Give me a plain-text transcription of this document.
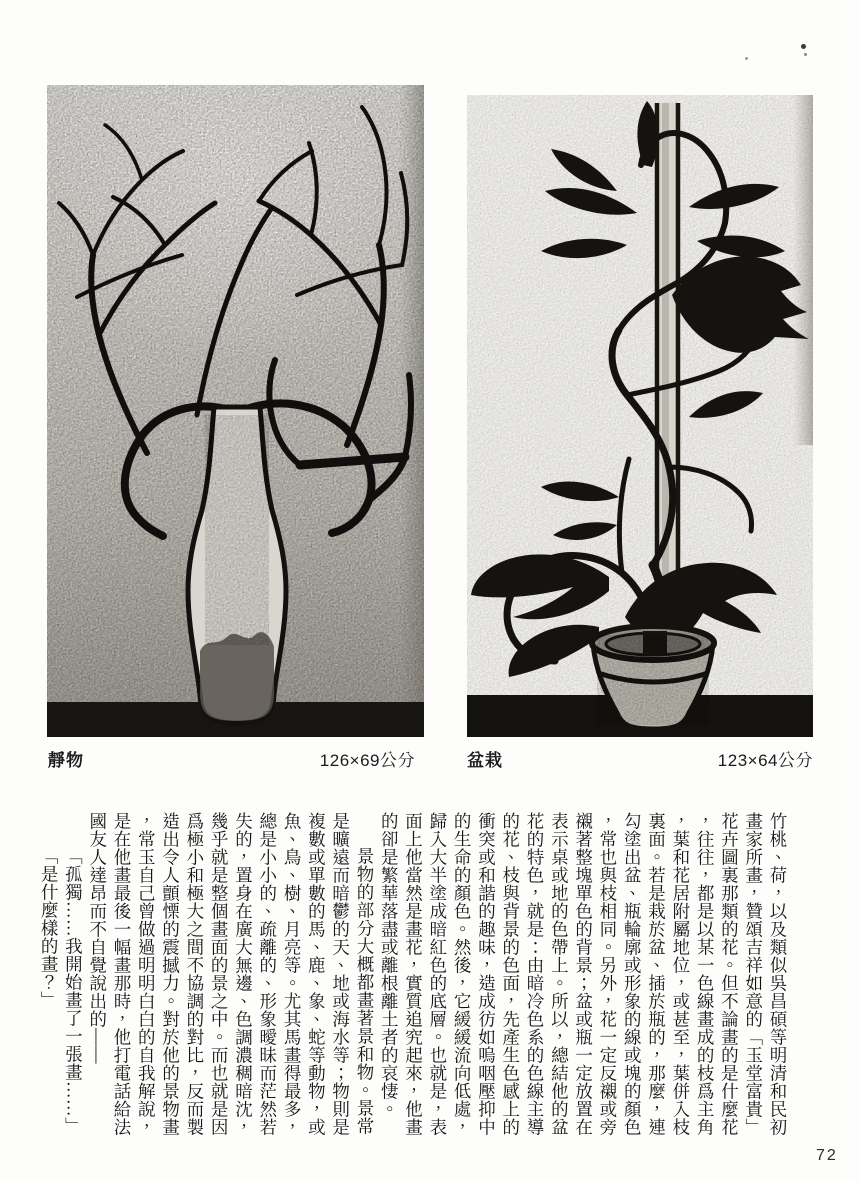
靜物	126×69公分	盆栽	123×64公分

竹桃、荷，以及類似吳昌碩等明清和民初畫家所畫，贊頌吉祥如意的「玉堂富貴」花卉圖裏那類的花。但不論畫的是什麼花，往往，都是以某一色線畫成的枝爲主角，葉和花居附屬地位，或甚至，葉併入枝裏面。若是栽於盆、插於瓶的，那麼，連勾塗出盆、瓶輪廓或形象的線或塊的顏色，常也與枝相同。另外，花一定反襯或旁襯著整塊單色的背景；盆或瓶一定放置在表示桌或地的色帶上。所以，總結他的盆花的特色，就是：由暗冷色系的色線主導的花、枝與背景的色面，先產生色感上的衝突或和諧的趣味，造成彷如嗚咽壓抑中的生命的顏色。然後，它緩緩流向低處，歸入大半塗成暗紅色的底層。也就是，表面上他當然是畫花，實質追究起來，他畫的卻是繁華落盡或離根離土者的哀悽。

景物的部分大概都畫著景和物。景常是曠遠而暗鬱的天、地或海水等；物則是複數或單數的馬、鹿、象、蛇等動物，或魚、鳥、樹、月亮等。尤其馬畫得最多，總是小小的、疏離的、形象曖昧而茫然若失的，置身在廣大無邊、色調濃稠暗沈，幾乎就是整個畫面的景之中。而也就是因爲極小和極大之間不協調的對比，反而製造出令人顫慄的震撼力。對於他的景物畫，常玉自己曾做過明明白白的自我解說，是在他畫最後一幅畫那時，他打電話給法國友人達昂而不自覺說出的——

「孤獨……我開始畫了一張畫……」

「是什麼樣的畫？」

72
